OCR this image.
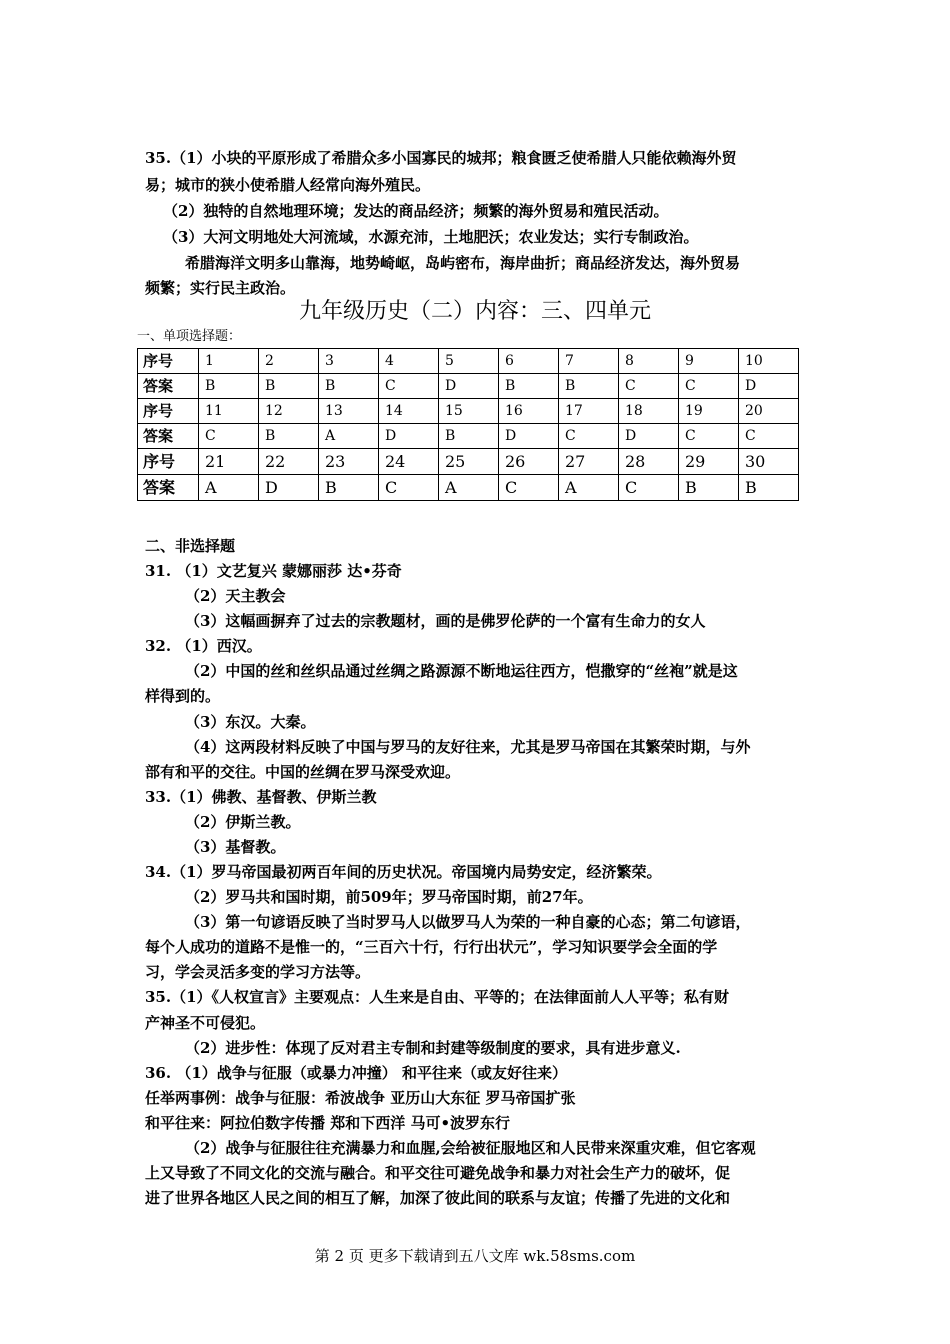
35.（1）小块的平原形成了希腊众多小国寡民的城邦；粮食匮乏使希腊人只能依赖海外贸
易；城市的狭小使希腊人经常向海外殖民。
（2）独特的自然地理环境；发达的商品经济；频繁的海外贸易和殖民活动。
（3）大河文明地处大河流域，水源充沛，土地肥沃；农业发达；实行专制政治。
希腊海洋文明多山靠海，地势崎岖，岛屿密布，海岸曲折；商品经济发达，海外贸易
频繁；实行民主政治。
九年级历史（二）内容：三、四单元
一、单项选择题：
序号	1	2	3	4	5	6	7	8	9	10
答案	B	B	B	C	D	B	B	C	C	D
序号	11	12	13	14	15	16	17	18	19	20
答案	C	B	A	D	B	D	C	D	C	C
序号	21	22	23	24	25	26	27	28	29	30
答案	A	D	B	C	A	C	A	C	B	B
二、非选择题
31. （1）文艺复兴 蒙娜丽莎 达•芬奇
（2）天主教会
（3）这幅画摒弃了过去的宗教题材，画的是佛罗伦萨的一个富有生命力的女人
32. （1）西汉。
（2）中国的丝和丝织品通过丝绸之路源源不断地运往西方，恺撒穿的“丝袍”就是这
样得到的。
（3）东汉。大秦。
（4）这两段材料反映了中国与罗马的友好往来，尤其是罗马帝国在其繁荣时期，与外
部有和平的交往。中国的丝绸在罗马深受欢迎。
33.（1）佛教、基督教、伊斯兰教
（2）伊斯兰教。
（3）基督教。
34.（1）罗马帝国最初两百年间的历史状况。帝国境内局势安定，经济繁荣。
（2）罗马共和国时期，前509年；罗马帝国时期，前27年。
（3）第一句谚语反映了当时罗马人以做罗马人为荣的一种自豪的心态；第二句谚语，
每个人成功的道路不是惟一的，“三百六十行，行行出状元”，学习知识要学会全面的学
习，学会灵活多变的学习方法等。
35.（1）《人权宣言》主要观点：人生来是自由、平等的；在法律面前人人平等；私有财
产神圣不可侵犯。
（2）进步性：体现了反对君主专制和封建等级制度的要求，具有进步意义.
36. （1）战争与征服（或暴力冲撞） 和平往来（或友好往来）
任举两事例：战争与征服：希波战争 亚历山大东征 罗马帝国扩张
和平往来：阿拉伯数字传播 郑和下西洋 马可•波罗东行
（2）战争与征服往往充满暴力和血腥,会给被征服地区和人民带来深重灾难，但它客观
上又导致了不同文化的交流与融合。和平交往可避免战争和暴力对社会生产力的破坏，促
进了世界各地区人民之间的相互了解，加深了彼此间的联系与友谊；传播了先进的文化和
第 2 页 更多下载请到五八文库 wk.58sms.com
